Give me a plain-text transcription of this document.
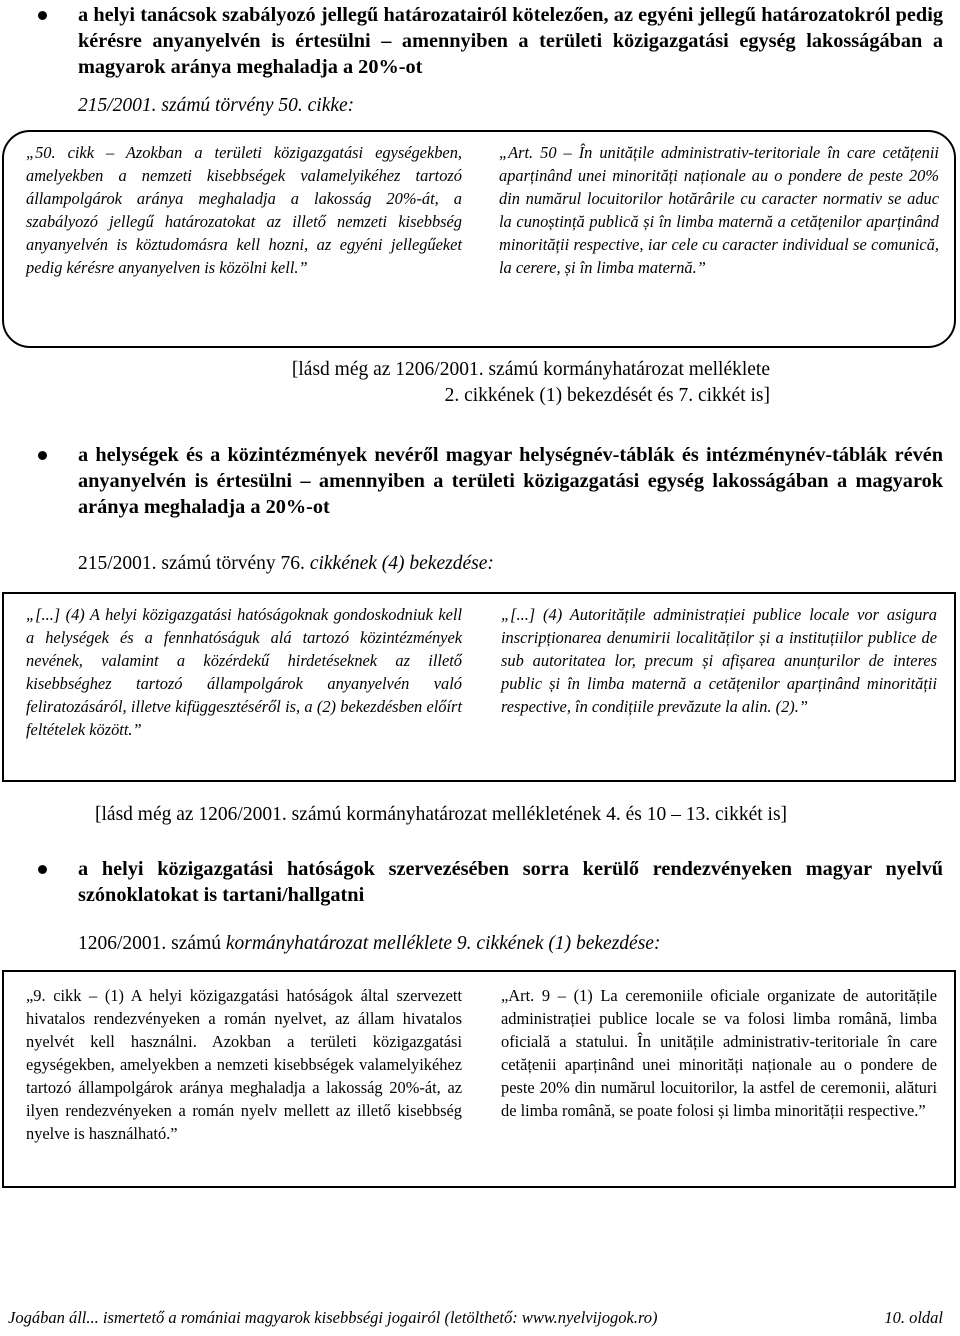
a helyi tanácsok szabályozó jellegű határozatairól kötelezően, az egyéni jellegű határozatokról pedig kérésre anyanyelvén is értesülni – amennyiben a területi közigazgatási egység lakosságában a magyarok aránya meghaladja a 20%-ot
215/2001. számú törvény 50. cikke:
„50. cikk – Azokban a területi közigazgatási egységekben, amelyekben a nemzeti kisebbségek valamelyikéhez tartozó állampolgárok aránya meghaladja a lakosság 20%-át, a szabályozó jellegű határozatokat az illető nemzeti kisebbség anyanyelvén is köztudomásra kell hozni, az egyéni jellegűeket pedig kérésre anyanyelven is közölni kell.”
„Art. 50 – În unitățile administrativ-teritoriale în care cetățenii aparținând unei minorități naționale au o pondere de peste 20% din numărul locuitorilor hotărârile cu caracter normativ se aduc la cunoștință publică și în limba maternă a cetățenilor aparținând minorității respective, iar cele cu caracter individual se comunică, la cerere, și în limba maternă.”
[lásd még az 1206/2001. számú kormányhatározat melléklete
2. cikkének (1) bekezdését és 7. cikkét is]
a helységek és a közintézmények nevéről magyar helységnév-táblák és intézménynév-táblák révén anyanyelvén is értesülni – amennyiben a területi közigazgatási egység lakosságában a magyarok aránya meghaladja a 20%-ot
215/2001. számú törvény 76. cikkének (4) bekezdése:
„[...] (4) A helyi közigazgatási hatóságoknak gondoskodniuk kell a helységek és a fennhatóságuk alá tartozó közintézmények nevének, valamint a közérdekű hirdetéseknek az illető kisebbséghez tartozó állampolgárok anyanyelvén való feliratozásáról, illetve kifüggesztéséről is, a (2) bekezdésben előírt feltételek között.”
„[...] (4) Autoritățile administrației publice locale vor asigura inscripționarea denumirii localităților și a instituțiilor publice de sub autoritatea lor, precum și afișarea anunțurilor de interes public și în limba maternă a cetățenilor aparținând minorității respective, în condițiile prevăzute la alin. (2).”
[lásd még az 1206/2001. számú kormányhatározat mellékletének 4. és 10 – 13. cikkét is]
a helyi közigazgatási hatóságok szervezésében sorra kerülő rendezvényeken magyar nyelvű szónoklatokat is tartani/hallgatni
1206/2001. számú kormányhatározat melléklete 9. cikkének (1) bekezdése:
„9. cikk – (1) A helyi közigazgatási hatóságok által szervezett hivatalos rendezvényeken a román nyelvet, az állam hivatalos nyelvét kell használni. Azokban a területi közigazgatási egységekben, amelyekben a nemzeti kisebbségek valamelyikéhez tartozó állampolgárok aránya meghaladja a lakosság 20%-át, az ilyen rendezvényeken a román nyelv mellett az illető kisebbség nyelve is használható.”
„Art. 9 – (1) La ceremoniile oficiale organizate de autoritățile administrației publice locale se va folosi limba română, limba oficială a statului. În unitățile administrativ-teritoriale în care cetățenii aparținând unei minorități naționale au o pondere de peste 20% din numărul locuitorilor, la astfel de ceremonii, alături de limba română, se poate folosi și limba minorității respective.”
Jogában áll... ismertető a romániai magyarok kisebbségi jogairól (letölthető: www.nyelvijogok.ro)	10. oldal
